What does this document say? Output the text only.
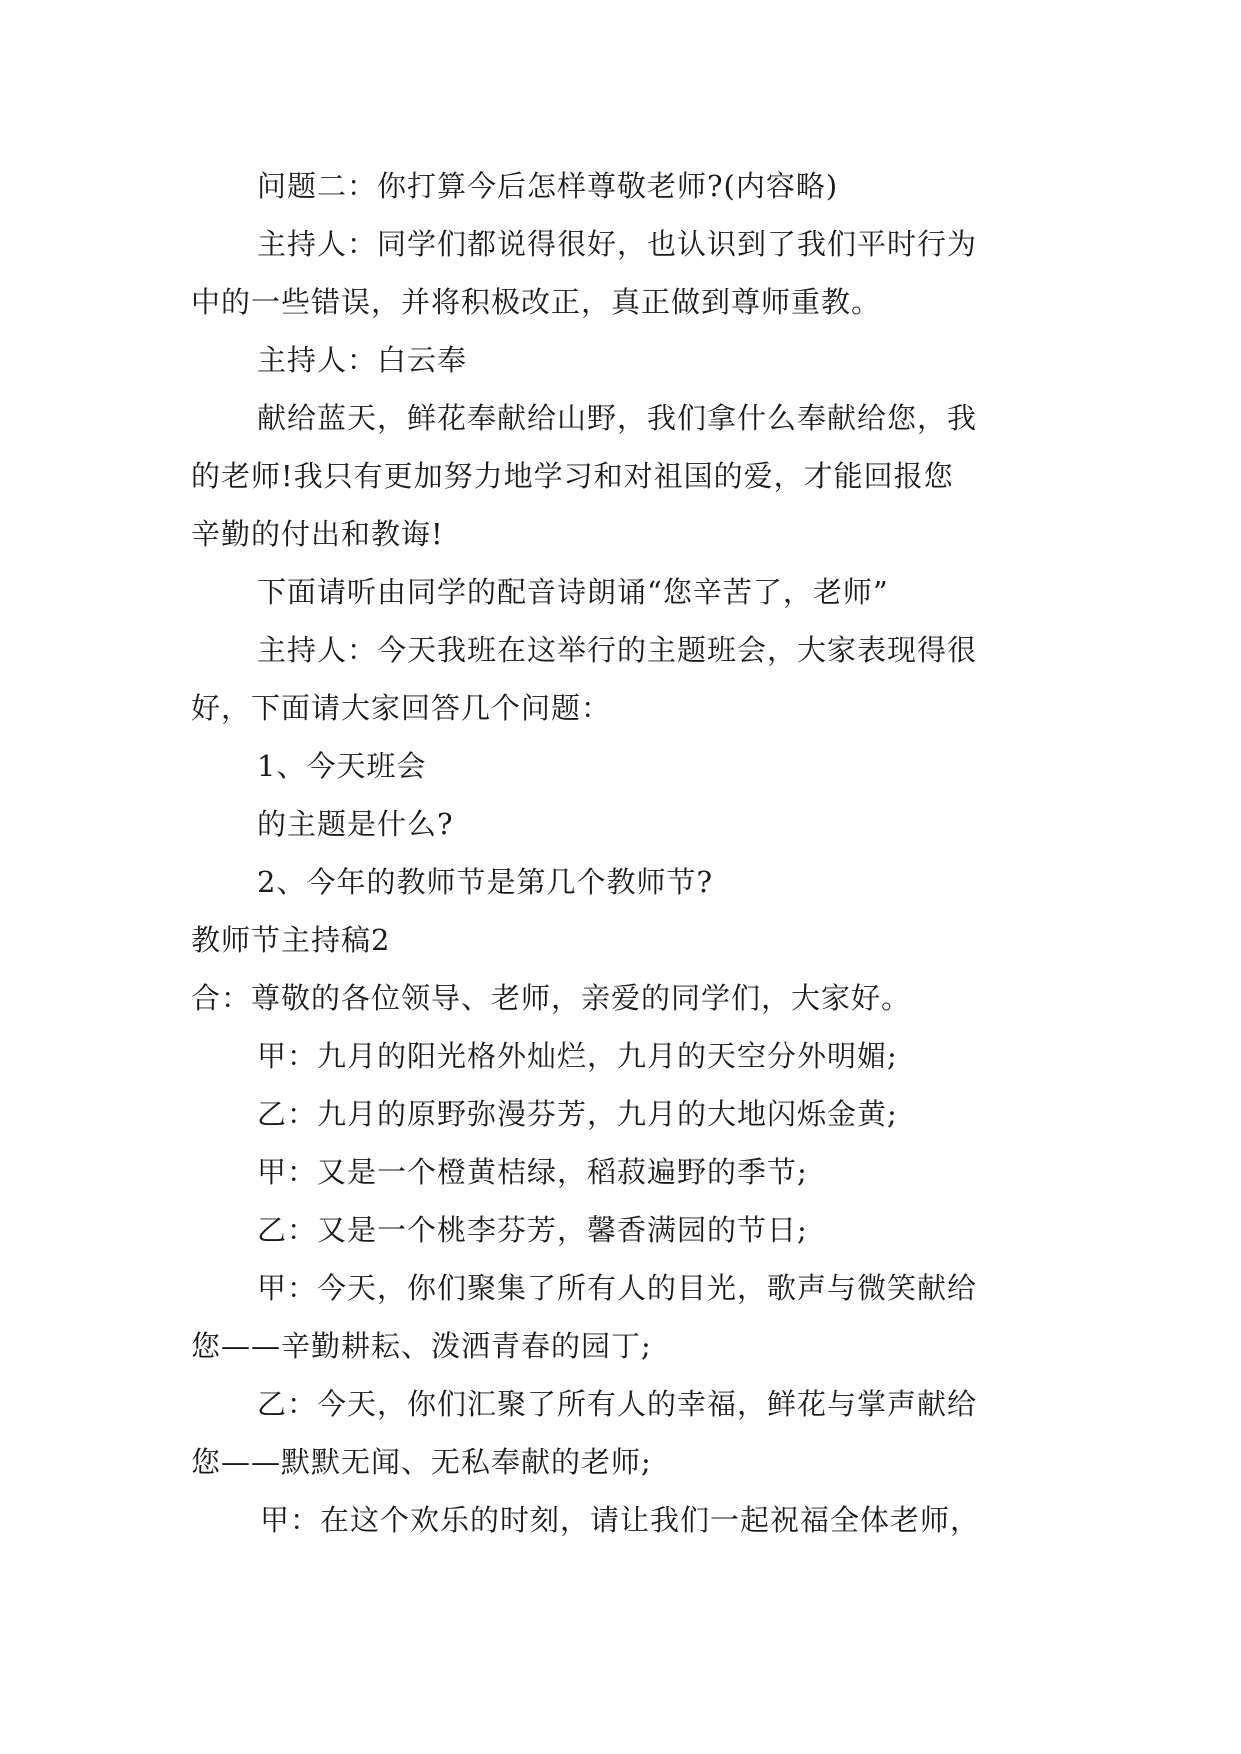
问题二：你打算今后怎样尊敬老师?(内容略)
主持人：同学们都说得很好，也认识到了我们平时行为
中的一些错误，并将积极改正，真正做到尊师重教。
主持人：白云奉
献给蓝天，鲜花奉献给山野，我们拿什么奉献给您，我
的老师!我只有更加努力地学习和对祖国的爱，才能回报您
辛勤的付出和教诲!
下面请听由同学的配音诗朗诵“您辛苦了，老师”
主持人：今天我班在这举行的主题班会，大家表现得很
好，下面请大家回答几个问题：
1、今天班会
的主题是什么?
2、今年的教师节是第几个教师节?
教师节主持稿2
合：尊敬的各位领导、老师，亲爱的同学们，大家好。
甲：九月的阳光格外灿烂，九月的天空分外明媚;
乙：九月的原野弥漫芬芳，九月的大地闪烁金黄;
甲：又是一个橙黄桔绿，稻菽遍野的季节;
乙：又是一个桃李芬芳，馨香满园的节日;
甲：今天，你们聚集了所有人的目光，歌声与微笑献给
您——辛勤耕耘、泼洒青春的园丁;
乙：今天，你们汇聚了所有人的幸福，鲜花与掌声献给
您——默默无闻、无私奉献的老师;
甲：在这个欢乐的时刻，请让我们一起祝福全体老师，
